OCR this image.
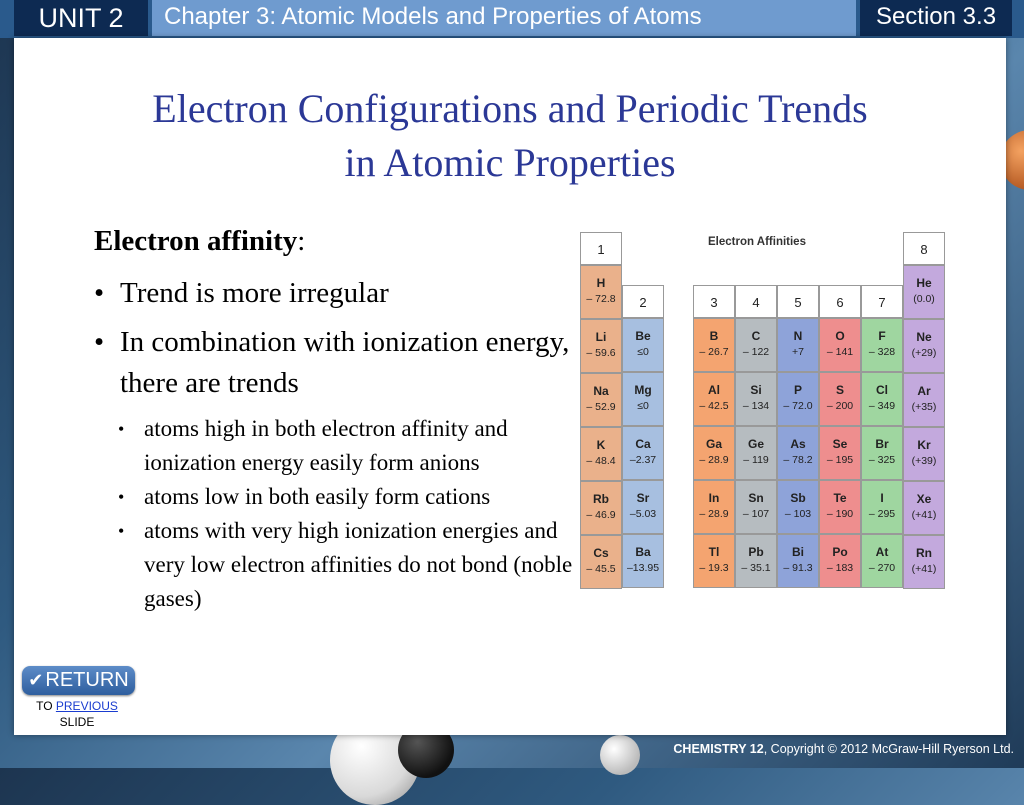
UNIT 2	Chapter 3: Atomic Models and Properties of Atoms	Section 3.3
Electron Configurations and Periodic Trends
in Atomic Properties
Electron affinity:
• Trend is more irregular
• In combination with ionization energy, there are trends
• atoms high in both electron affinity and ionization energy easily form anions
• atoms low in both easily form cations
• atoms with very high ionization energies and very low electron affinities do not bond (noble gases)
Electron Affinities
1
H
– 72.8
Li
– 59.6
Na
– 52.9
K
– 48.4
Rb
– 46.9
Cs
– 45.5
2
Be
≤0
Mg
≤0
Ca
–2.37
Sr
–5.03
Ba
–13.95
3
B
– 26.7
Al
– 42.5
Ga
– 28.9
In
– 28.9
Tl
– 19.3
4
C
– 122
Si
– 134
Ge
– 119
Sn
– 107
Pb
– 35.1
5
N
+7
P
– 72.0
As
– 78.2
Sb
– 103
Bi
– 91.3
6
O
– 141
S
– 200
Se
– 195
Te
– 190
Po
– 183
7
F
– 328
Cl
– 349
Br
– 325
I
– 295
At
– 270
8
He
(0.0)
Ne
(+29)
Ar
(+35)
Kr
(+39)
Xe
(+41)
Rn
(+41)
✔ RETURN
TO PREVIOUS
SLIDE
CHEMISTRY 12, Copyright © 2012 McGraw-Hill Ryerson Ltd.
